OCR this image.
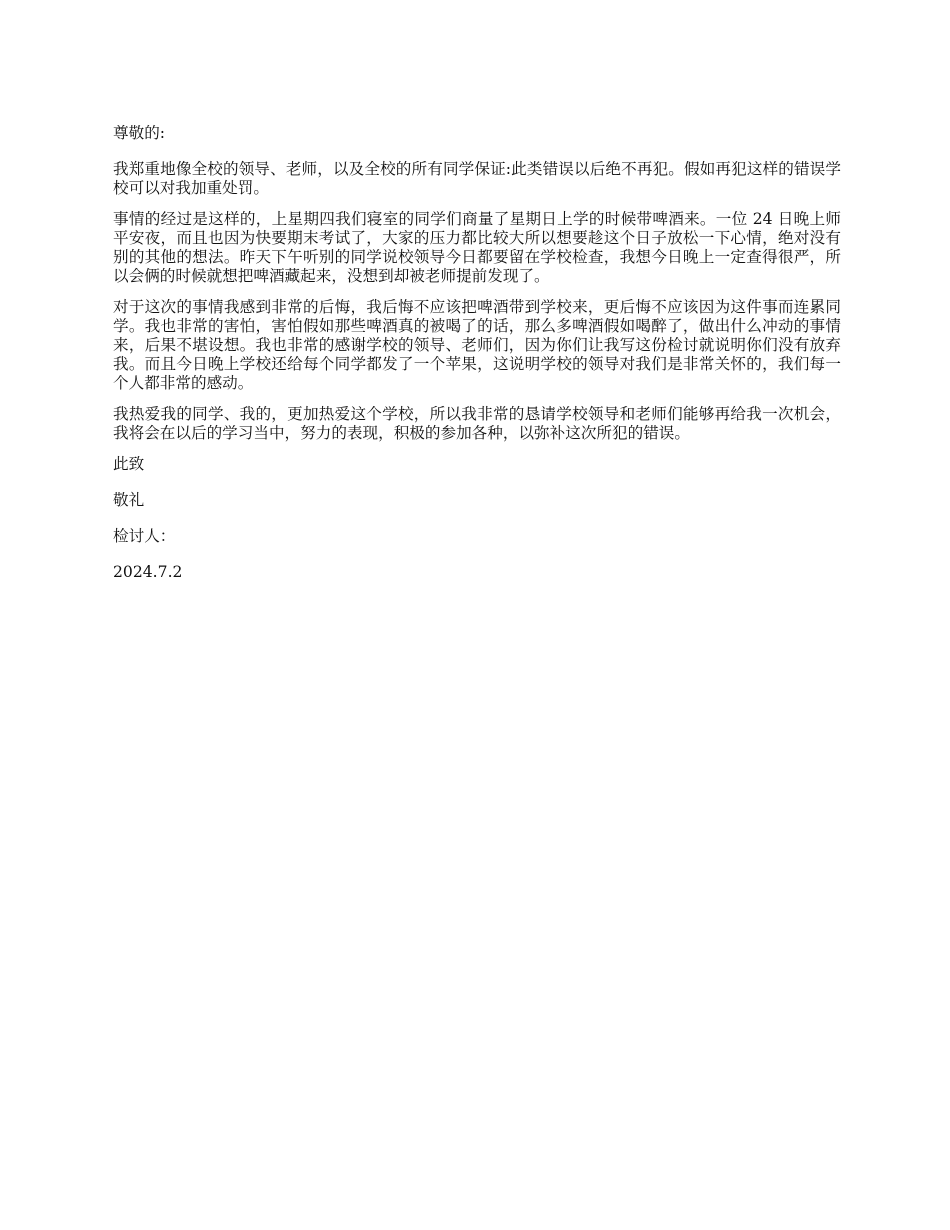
尊敬的:

我郑重地像全校的领导、老师，以及全校的所有同学保证:此类错误以后绝不再犯。假如再犯这样的错误学校可以对我加重处罚。

事情的经过是这样的，上星期四我们寝室的同学们商量了星期日上学的时候带啤酒来。一位 24 日晚上师平安夜，而且也因为快要期末考试了，大家的压力都比较大所以想要趁这个日子放松一下心情，绝对没有别的其他的想法。昨天下午听别的同学说校领导今日都要留在学校检查，我想今日晚上一定查得很严，所以会俩的时候就想把啤酒藏起来，没想到却被老师提前发现了。

对于这次的事情我感到非常的后悔，我后悔不应该把啤酒带到学校来，更后悔不应该因为这件事而连累同学。我也非常的害怕，害怕假如那些啤酒真的被喝了的话，那么多啤酒假如喝醉了，做出什么冲动的事情来，后果不堪设想。我也非常的感谢学校的领导、老师们，因为你们让我写这份检讨就说明你们没有放弃我。而且今日晚上学校还给每个同学都发了一个苹果，这说明学校的领导对我们是非常关怀的，我们每一个人都非常的感动。

我热爱我的同学、我的，更加热爱这个学校，所以我非常的恳请学校领导和老师们能够再给我一次机会，我将会在以后的学习当中，努力的表现，积极的参加各种，以弥补这次所犯的错误。

此致

敬礼

检讨人：

2024.7.2
